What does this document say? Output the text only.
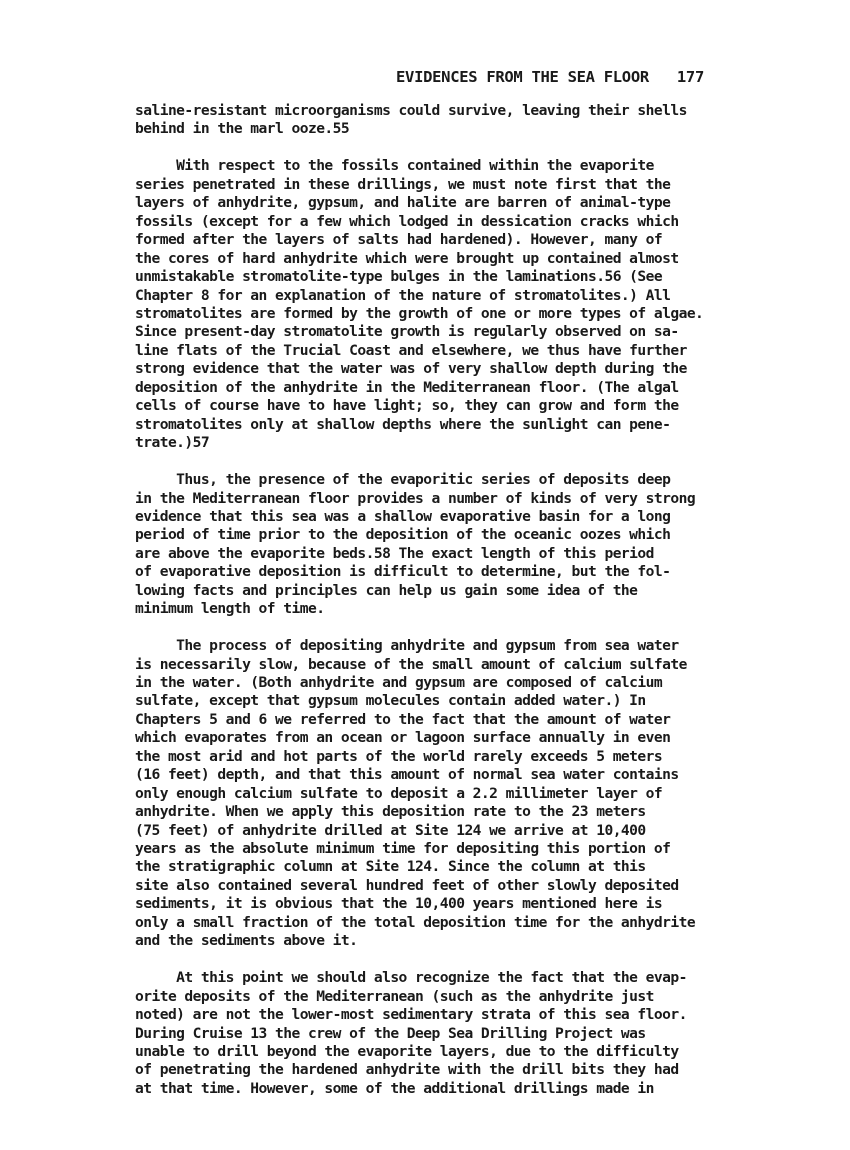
EVIDENCES FROM THE SEA FLOOR 177
saline-resistant microorganisms could survive, leaving their shells
behind in the marl ooze.55
With respect to the fossils contained within the evaporite
series penetrated in these drillings, we must note first that the
layers of anhydrite, gypsum, and halite are barren of animal-type
fossils (except for a few which lodged in dessication cracks which
formed after the layers of salts had hardened). However, many of
the cores of hard anhydrite which were brought up contained almost
unmistakable stromatolite-type bulges in the laminations.56 (See
Chapter 8 for an explanation of the nature of stromatolites.) All
stromatolites are formed by the growth of one or more types of algae.
Since present-day stromatolite growth is regularly observed on sa-
line flats of the Trucial Coast and elsewhere, we thus have further
strong evidence that the water was of very shallow depth during the
deposition of the anhydrite in the Mediterranean floor. (The algal
cells of course have to have light; so, they can grow and form the
stromatolites only at shallow depths where the sunlight can pene-
trate.)57
Thus, the presence of the evaporitic series of deposits deep
in the Mediterranean floor provides a number of kinds of very strong
evidence that this sea was a shallow evaporative basin for a long
period of time prior to the deposition of the oceanic oozes which
are above the evaporite beds.58 The exact length of this period
of evaporative deposition is difficult to determine, but the fol-
lowing facts and principles can help us gain some idea of the
minimum length of time.
The process of depositing anhydrite and gypsum from sea water
is necessarily slow, because of the small amount of calcium sulfate
in the water. (Both anhydrite and gypsum are composed of calcium
sulfate, except that gypsum molecules contain added water.) In
Chapters 5 and 6 we referred to the fact that the amount of water
which evaporates from an ocean or lagoon surface annually in even
the most arid and hot parts of the world rarely exceeds 5 meters
(16 feet) depth, and that this amount of normal sea water contains
only enough calcium sulfate to deposit a 2.2 millimeter layer of
anhydrite. When we apply this deposition rate to the 23 meters
(75 feet) of anhydrite drilled at Site 124 we arrive at 10,400
years as the absolute minimum time for depositing this portion of
the stratigraphic column at Site 124. Since the column at this
site also contained several hundred feet of other slowly deposited
sediments, it is obvious that the 10,400 years mentioned here is
only a small fraction of the total deposition time for the anhydrite
and the sediments above it.
At this point we should also recognize the fact that the evap-
orite deposits of the Mediterranean (such as the anhydrite just
noted) are not the lower-most sedimentary strata of this sea floor.
During Cruise 13 the crew of the Deep Sea Drilling Project was
unable to drill beyond the evaporite layers, due to the difficulty
of penetrating the hardened anhydrite with the drill bits they had
at that time. However, some of the additional drillings made in
